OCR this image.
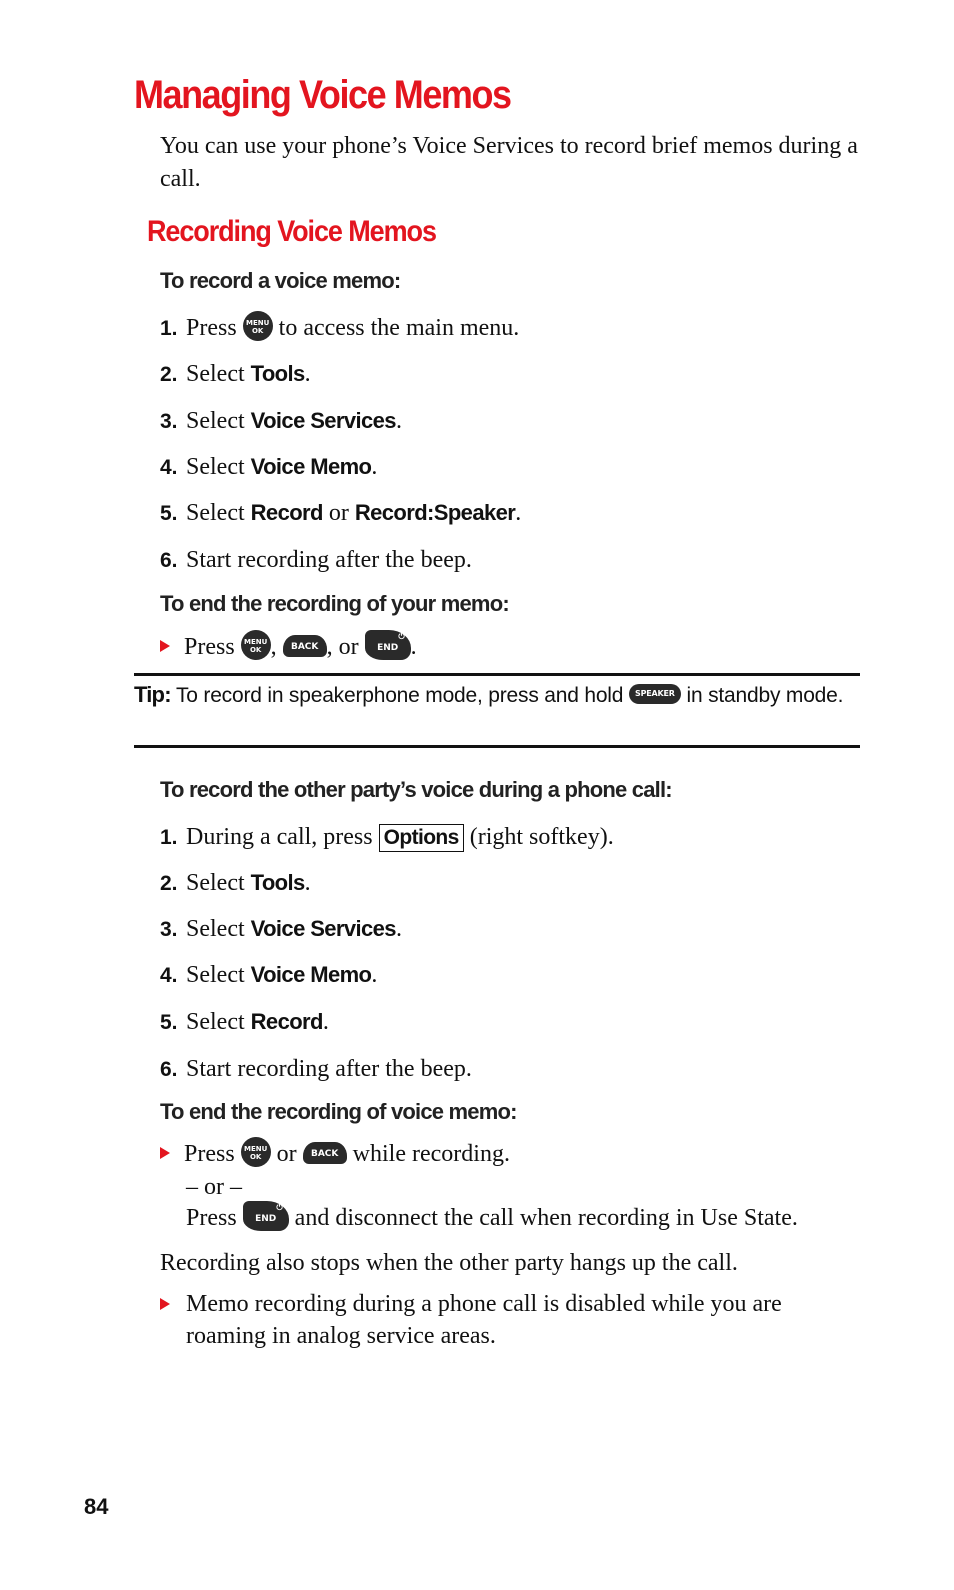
Managing Voice Memos
You can use your phone’s Voice Services to record brief memos during a call.
Recording Voice Memos
To record a voice memo:
1. Press	MENU
OK to access the main menu.
2. Select Tools.
3. Select Voice Services.
4. Select Voice Memo.
5. Select Record or Record:Speaker.
6. Start recording after the beep.
To end the recording of your memo:
Press	MENU
OK , BACK , or END
⏻ .
Tip: To record in speakerphone mode, press and hold SPEAKER in standby mode.
To record the other party’s voice during a phone call:
1. During a call, press Options (right softkey).
2. Select Tools.
3. Select Voice Services.
4. Select Voice Memo.
5. Select Record.
6. Start recording after the beep.
To end the recording of voice memo:
Press	MENU
OK or BACK while recording.
– or –
Press END
⏻ and disconnect the call when recording in Use State.
Recording also stops when the other party hangs up the call.
Memo recording during a phone call is disabled while you are roaming in analog service areas.
84
